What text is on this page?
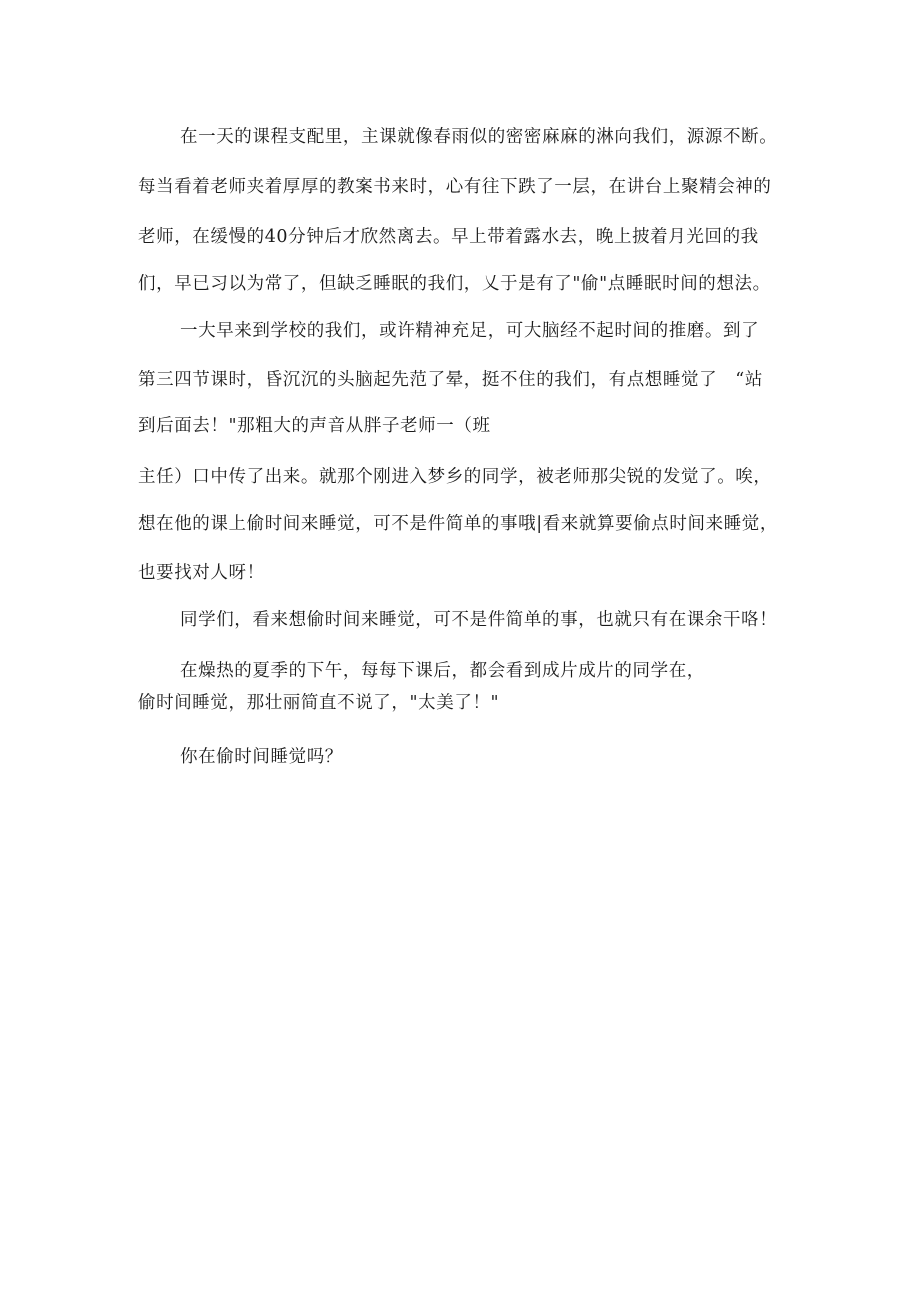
在一天的课程支配里，主课就像春雨似的密密麻麻的淋向我们，源源不断。
每当看着老师夹着厚厚的教案书来时，心有往下跌了一层，在讲台上聚精会神的
老师，在缓慢的40分钟后才欣然离去。早上带着露水去，晚上披着月光回的我
们，早已习以为常了，但缺乏睡眠的我们，乂于是有了"偷"点睡眠时间的想法。
一大早来到学校的我们，或许精神充足，可大脑经不起时间的推磨。到了
第三四节课时，昏沉沉的头脑起先范了晕，挺不住的我们，有点想睡觉了　“站
到后面去！"那粗大的声音从胖子老师一（班
主任）口中传了出来。就那个刚进入梦乡的同学，被老师那尖锐的发觉了。唉，
想在他的课上偷时间来睡觉，可不是件简单的事哦|看来就算要偷点时间来睡觉，
也要找对人呀！
同学们，看来想偷时间来睡觉，可不是件简单的事，也就只有在课余干咯！
在燥热的夏季的下午，每每下课后，都会看到成片成片的同学在，
偷时间睡觉，那壮丽简直不说了，"太美了！"
你在偷时间睡觉吗？
